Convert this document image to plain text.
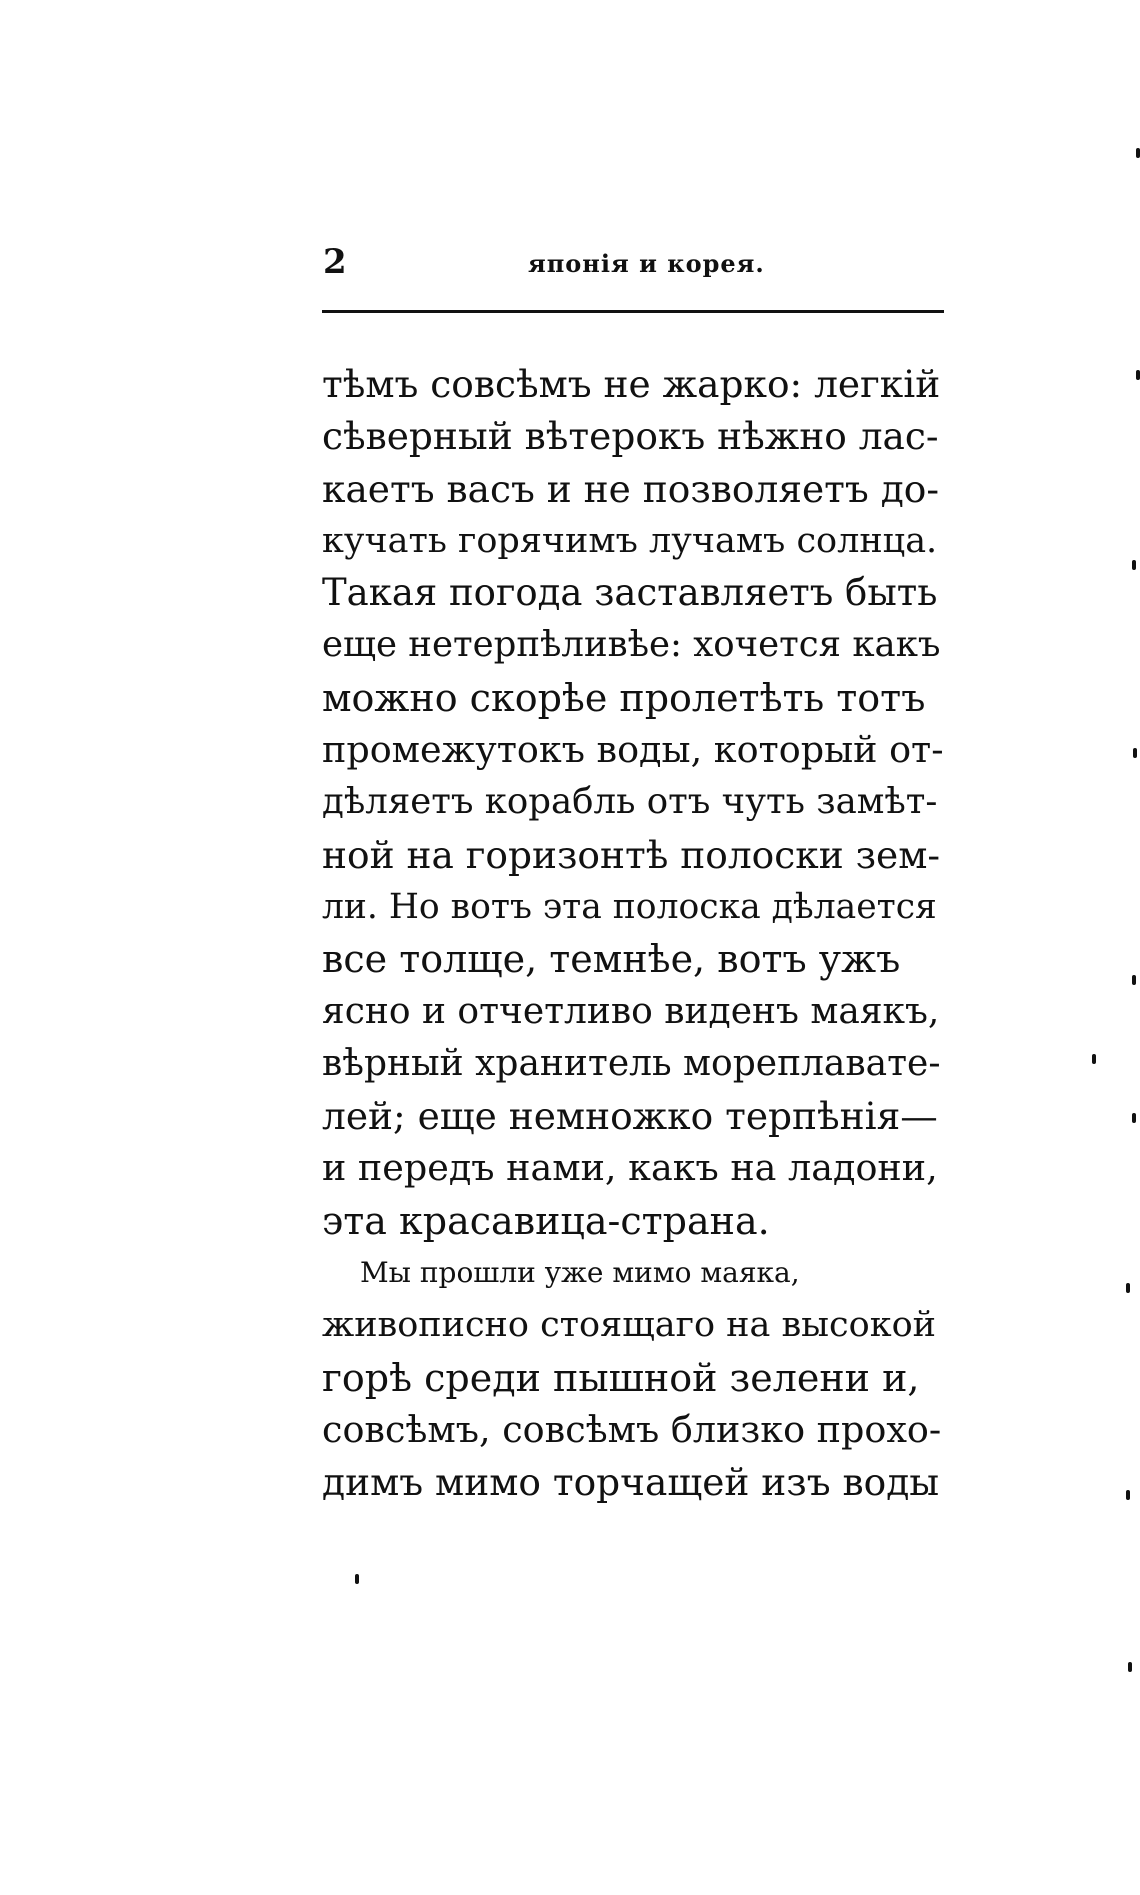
2	японія и корея.
тѣмъ совсѣмъ не жарко: легкій
сѣверный вѣтерокъ нѣжно лас-
каетъ васъ и не позволяетъ до-
кучать горячимъ лучамъ солнца.
Такая погода заставляетъ быть
еще нетерпѣливѣе: хочется какъ
можно скорѣе пролетѣть тотъ
промежутокъ воды, который от-
дѣляетъ корабль отъ чуть замѣт-
ной на горизонтѣ полоски зем-
ли. Но вотъ эта полоска дѣлается
все толще, темнѣе, вотъ ужъ
ясно и отчетливо виденъ маякъ,
вѣрный хранитель мореплавате-
лей; еще немножко терпѣнія—
и передъ нами, какъ на ладони,
эта красавица-страна.
Мы прошли уже мимо маяка,
живописно стоящаго на высокой
горѣ среди пышной зелени и,
совсѣмъ, совсѣмъ близко прохо-
димъ мимо торчащей изъ воды
